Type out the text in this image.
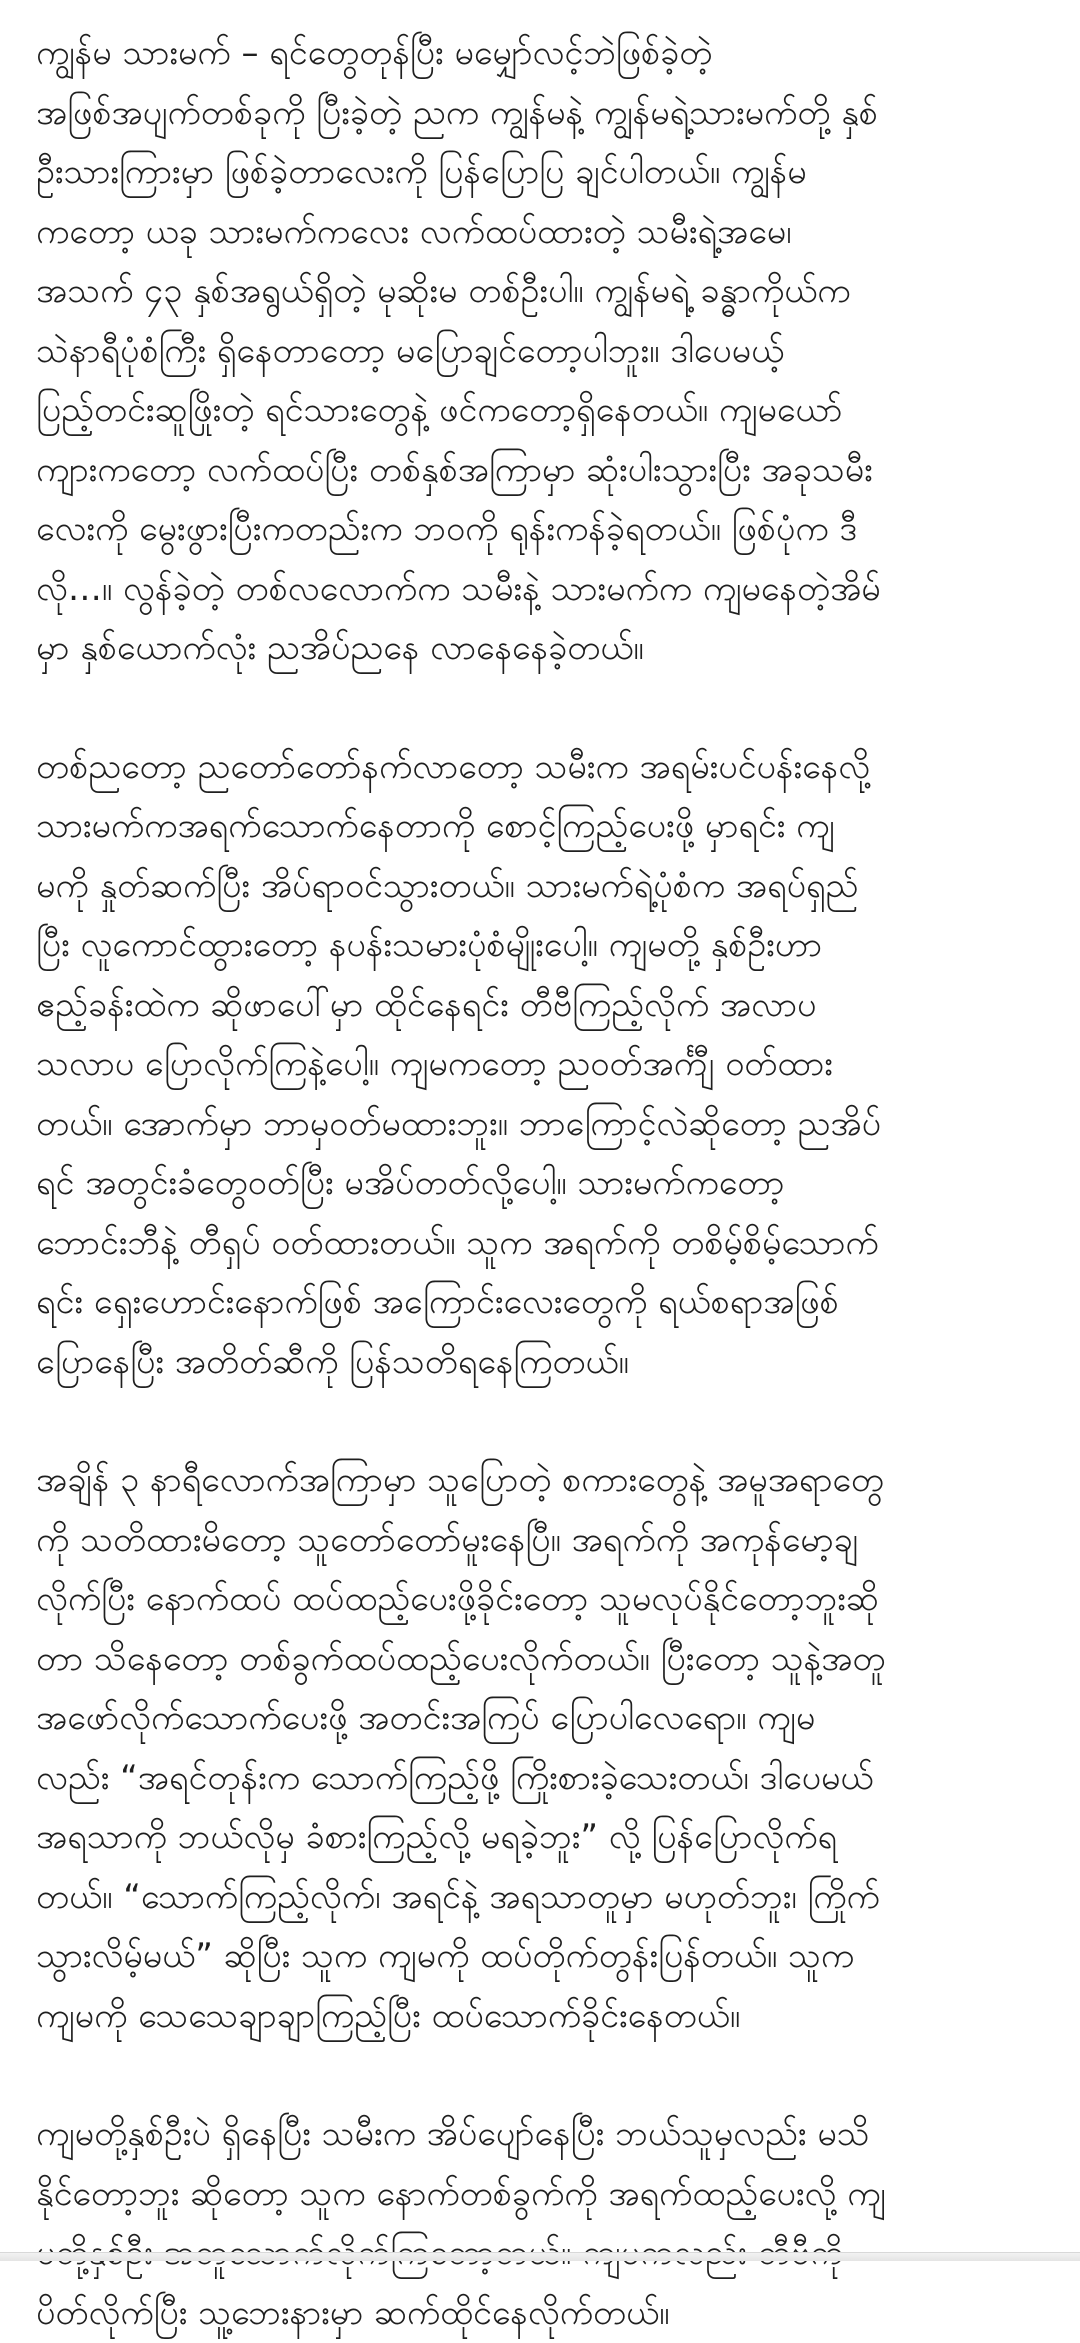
ကျွန်မ သားမက် – ရင်တွေတုန်ပြီး မမျှော်လင့်ဘဲဖြစ်ခဲ့တဲ့
အဖြစ်အပျက်တစ်ခုကို ပြီးခဲ့တဲ့ ညက ကျွန်မနဲ့ ကျွန်မရဲ့သားမက်တို့ နှစ်
ဦးသားကြားမှာ ဖြစ်ခဲ့တာလေးကို ပြန်ပြောပြ ချင်ပါတယ်။ ကျွန်မ
ကတော့ ယခု သားမက်ကလေး လက်ထပ်ထားတဲ့ သမီးရဲ့အမေ၊
အသက် ၄၃ နှစ်အရွယ်ရှိတဲ့ မုဆိုးမ တစ်ဦးပါ။ ကျွန်မရဲ့ ခန္ဓာကိုယ်က
သဲနာရီပုံစံကြီး ရှိနေတာတော့ မပြောချင်တော့ပါဘူး။ ဒါပေမယ့်
ပြည့်တင်းဆူဖြိုးတဲ့ ရင်သားတွေနဲ့ ဖင်ကတော့ရှိနေတယ်။ ကျမယော်
ကျားကတော့ လက်ထပ်ပြီး တစ်နှစ်အကြာမှာ ဆုံးပါးသွားပြီး အခုသမီး
လေးကို မွေးဖွားပြီးကတည်းက ဘဝကို ရုန်းကန်ခဲ့ရတယ်။ ဖြစ်ပုံက ဒီ
လို…။ လွန်ခဲ့တဲ့ တစ်လလောက်က သမီးနဲ့ သားမက်က ကျမနေတဲ့အိမ်
မှာ နှစ်ယောက်လုံး ညအိပ်ညနေ လာနေနေခဲ့တယ်။

တစ်ညတော့ ညတော်တော်နက်လာတော့ သမီးက အရမ်းပင်ပန်းနေလို့
သားမက်ကအရက်သောက်နေတာကို စောင့်ကြည့်ပေးဖို့ မှာရင်း ကျ
မကို နှုတ်ဆက်ပြီး အိပ်ရာဝင်သွားတယ်။ သားမက်ရဲ့ပုံစံက အရပ်ရှည်
ပြီး လူကောင်ထွားတော့ နပန်းသမားပုံစံမျိုးပေါ့။ ကျမတို့ နှစ်ဦးဟာ
ဧည့်ခန်းထဲက ဆိုဖာပေါ်မှာ ထိုင်နေရင်း တီဗီကြည့်လိုက် အလာပ
သလာပ ပြောလိုက်ကြနဲ့ပေါ့။ ကျမကတော့ ညဝတ်အင်္ကျီ ဝတ်ထား
တယ်။ အောက်မှာ ဘာမှဝတ်မထားဘူး။ ဘာကြောင့်လဲဆိုတော့ ညအိပ်
ရင် အတွင်းခံတွေဝတ်ပြီး မအိပ်တတ်လို့ပေါ့။ သားမက်ကတော့
ဘောင်းဘီနဲ့ တီရှပ် ဝတ်ထားတယ်။ သူက အရက်ကို တစိမ့်စိမ့်သောက်
ရင်း ရှေးဟောင်းနောက်ဖြစ် အကြောင်းလေးတွေကို ရယ်စရာအဖြစ်
ပြောနေပြီး အတိတ်ဆီကို ပြန်သတိရနေကြတယ်။

အချိန် ၃ နာရီလောက်အကြာမှာ သူပြောတဲ့ စကားတွေနဲ့ အမူအရာတွေ
ကို သတိထားမိတော့ သူတော်တော်မူးနေပြီ။ အရက်ကို အကုန်မော့ချ
လိုက်ပြီး နောက်ထပ် ထပ်ထည့်ပေးဖို့ခိုင်းတော့ သူမလုပ်နိုင်တော့ဘူးဆို
တာ သိနေတော့ တစ်ခွက်ထပ်ထည့်ပေးလိုက်တယ်။ ပြီးတော့ သူနဲ့အတူ
အဖော်လိုက်သောက်ပေးဖို့ အတင်းအကြပ် ပြောပါလေရော။ ကျမ
လည်း “အရင်တုန်းက သောက်ကြည့်ဖို့ ကြိုးစားခဲ့သေးတယ်၊ ဒါပေမယ်
အရသာကို ဘယ်လိုမှ ခံစားကြည့်လို့ မရခဲ့ဘူး” လို့ ပြန်ပြောလိုက်ရ
တယ်။ “သောက်ကြည့်လိုက်၊ အရင်နဲ့ အရသာတူမှာ မဟုတ်ဘူး၊ ကြိုက်
သွားလိမ့်မယ်” ဆိုပြီး သူက ကျမကို ထပ်တိုက်တွန်းပြန်တယ်။ သူက
ကျမကို သေသေချာချာကြည့်ပြီး ထပ်သောက်ခိုင်းနေတယ်။

ကျမတို့နှစ်ဦးပဲ ရှိနေပြီး သမီးက အိပ်ပျော်နေပြီး ဘယ်သူမှလည်း မသိ
နိုင်တော့ဘူး ဆိုတော့ သူက နောက်တစ်ခွက်ကို အရက်ထည့်ပေးလို့ ကျ
ပိတ်လိုက်ပြီး သူ့ဘေးနားမှာ ဆက်ထိုင်နေလိုက်တယ်။
